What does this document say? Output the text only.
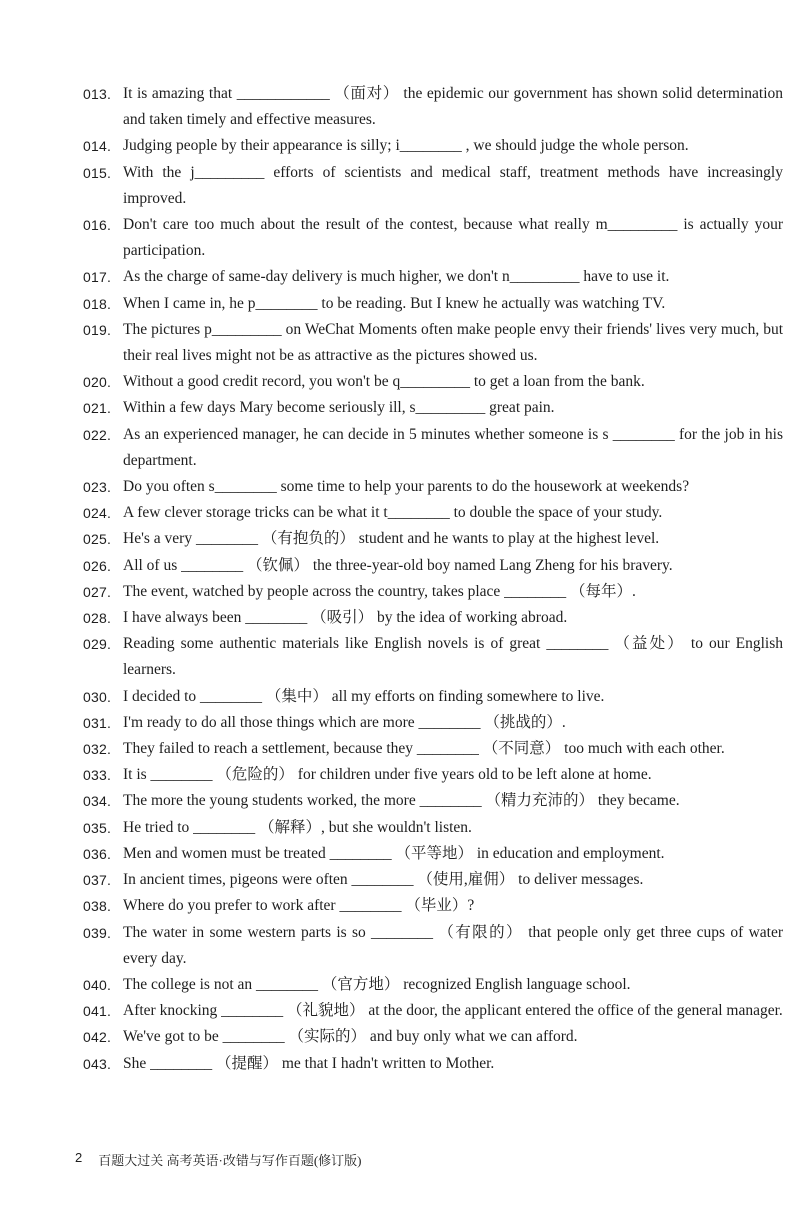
013. It is amazing that ____________ （面对） the epidemic our government has shown solid determination and taken timely and effective measures.
014. Judging people by their appearance is silly; i________ , we should judge the whole person.
015. With the j_________ efforts of scientists and medical staff, treatment methods have increasingly improved.
016. Don't care too much about the result of the contest, because what really m_________ is actually your participation.
017. As the charge of same-day delivery is much higher, we don't n_________ have to use it.
018. When I came in, he p________ to be reading. But I knew he actually was watching TV.
019. The pictures p_________ on WeChat Moments often make people envy their friends' lives very much, but their real lives might not be as attractive as the pictures showed us.
020. Without a good credit record, you won't be q_________ to get a loan from the bank.
021. Within a few days Mary become seriously ill, s_________ great pain.
022. As an experienced manager, he can decide in 5 minutes whether someone is s ________ for the job in his department.
023. Do you often s________ some time to help your parents to do the housework at weekends?
024. A few clever storage tricks can be what it t________ to double the space of your study.
025. He's a very ________ （有抱负的） student and he wants to play at the highest level.
026. All of us ________ （钦佩） the three-year-old boy named Lang Zheng for his bravery.
027. The event, watched by people across the country, takes place ________ （每年）.
028. I have always been ________ （吸引） by the idea of working abroad.
029. Reading some authentic materials like English novels is of great ________ （益处） to our English learners.
030. I decided to ________ （集中） all my efforts on finding somewhere to live.
031. I'm ready to do all those things which are more ________ （挑战的）.
032. They failed to reach a settlement, because they ________ （不同意） too much with each other.
033. It is ________ （危险的） for children under five years old to be left alone at home.
034. The more the young students worked, the more ________ （精力充沛的） they became.
035. He tried to ________ （解释）, but she wouldn't listen.
036. Men and women must be treated ________ （平等地） in education and employment.
037. In ancient times, pigeons were often ________ （使用,雇佣） to deliver messages.
038. Where do you prefer to work after ________ （毕业）?
039. The water in some western parts is so ________ （有限的） that people only get three cups of water every day.
040. The college is not an ________ （官方地） recognized English language school.
041. After knocking ________ （礼貌地） at the door, the applicant entered the office of the general manager.
042. We've got to be ________ （实际的） and buy only what we can afford.
043. She ________ （提醒） me that I hadn't written to Mother.
2 百题大过关 高考英语·改错与写作百题(修订版)
